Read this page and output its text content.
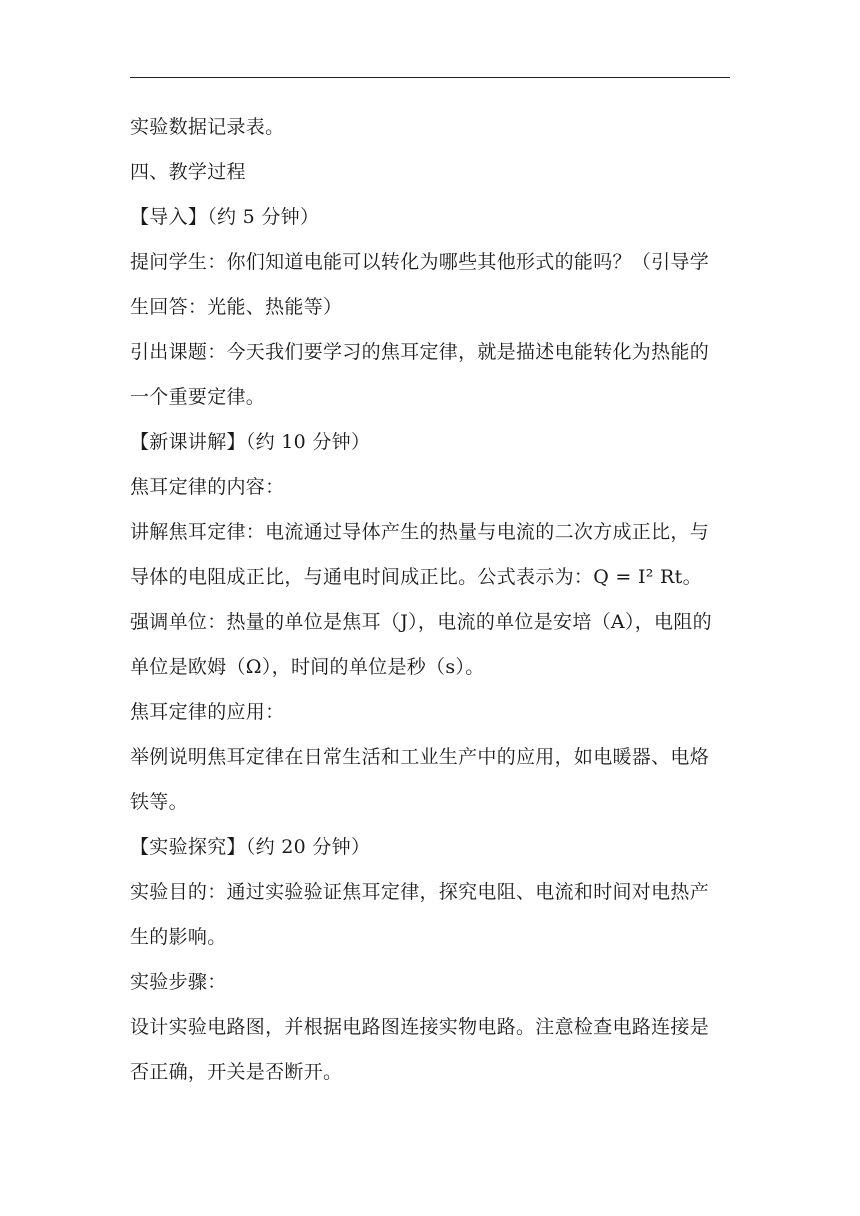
实验数据记录表。
四、教学过程
【导入】（约 5 分钟）
提问学生：你们知道电能可以转化为哪些其他形式的能吗？（引导学
生回答：光能、热能等）
引出课题：今天我们要学习的焦耳定律，就是描述电能转化为热能的
一个重要定律。
【新课讲解】（约 10 分钟）
焦耳定律的内容：
讲解焦耳定律：电流通过导体产生的热量与电流的二次方成正比，与
导体的电阻成正比，与通电时间成正比。公式表示为：Q = I² Rt。
强调单位：热量的单位是焦耳（J），电流的单位是安培（A），电阻的
单位是欧姆（Ω），时间的单位是秒（s）。
焦耳定律的应用：
举例说明焦耳定律在日常生活和工业生产中的应用，如电暖器、电烙
铁等。
【实验探究】（约 20 分钟）
实验目的：通过实验验证焦耳定律，探究电阻、电流和时间对电热产
生的影响。
实验步骤：
设计实验电路图，并根据电路图连接实物电路。注意检查电路连接是
否正确，开关是否断开。
